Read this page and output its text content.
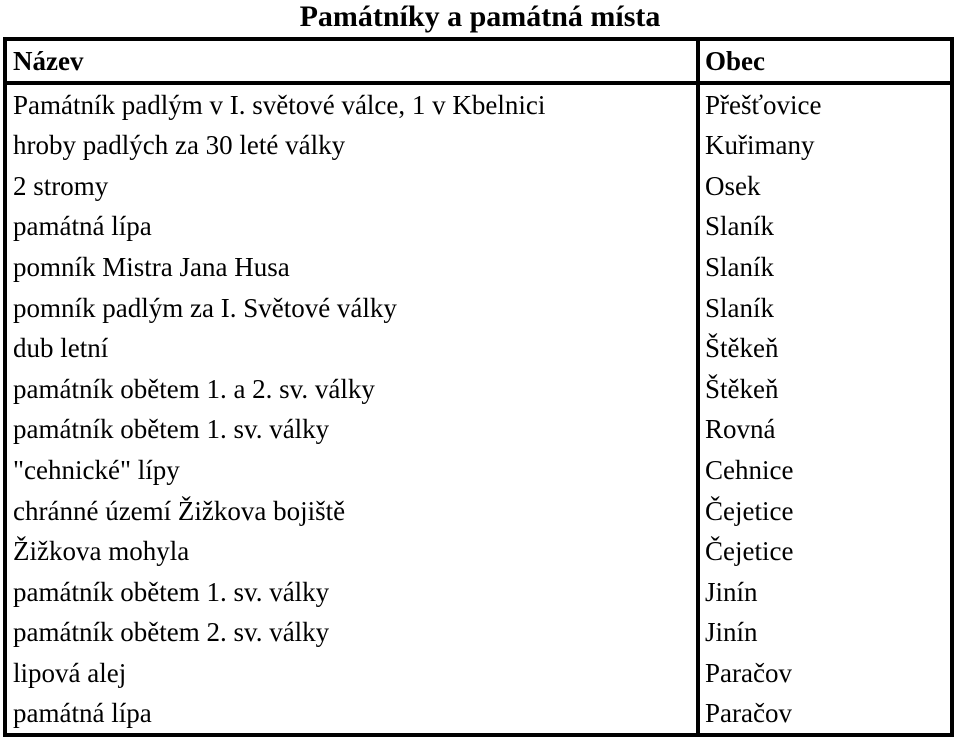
Památníky a památná místa
Název	Obec
Památník padlým v I. světové válce, 1 v Kbelnici	Přešťovice
hroby padlých za 30 leté války	Kuřimany
2 stromy	Osek
památná lípa	Slaník
pomník Mistra Jana Husa	Slaník
pomník padlým za I. Světové války	Slaník
dub letní	Štěkeň
památník obětem 1. a 2. sv. války	Štěkeň
památník obětem 1. sv. války	Rovná
"cehnické" lípy	Cehnice
chránné území Žižkova bojiště	Čejetice
Žižkova mohyla	Čejetice
památník obětem 1. sv. války	Jinín
památník obětem 2. sv. války	Jinín
lipová alej	Paračov
památná lípa	Paračov
